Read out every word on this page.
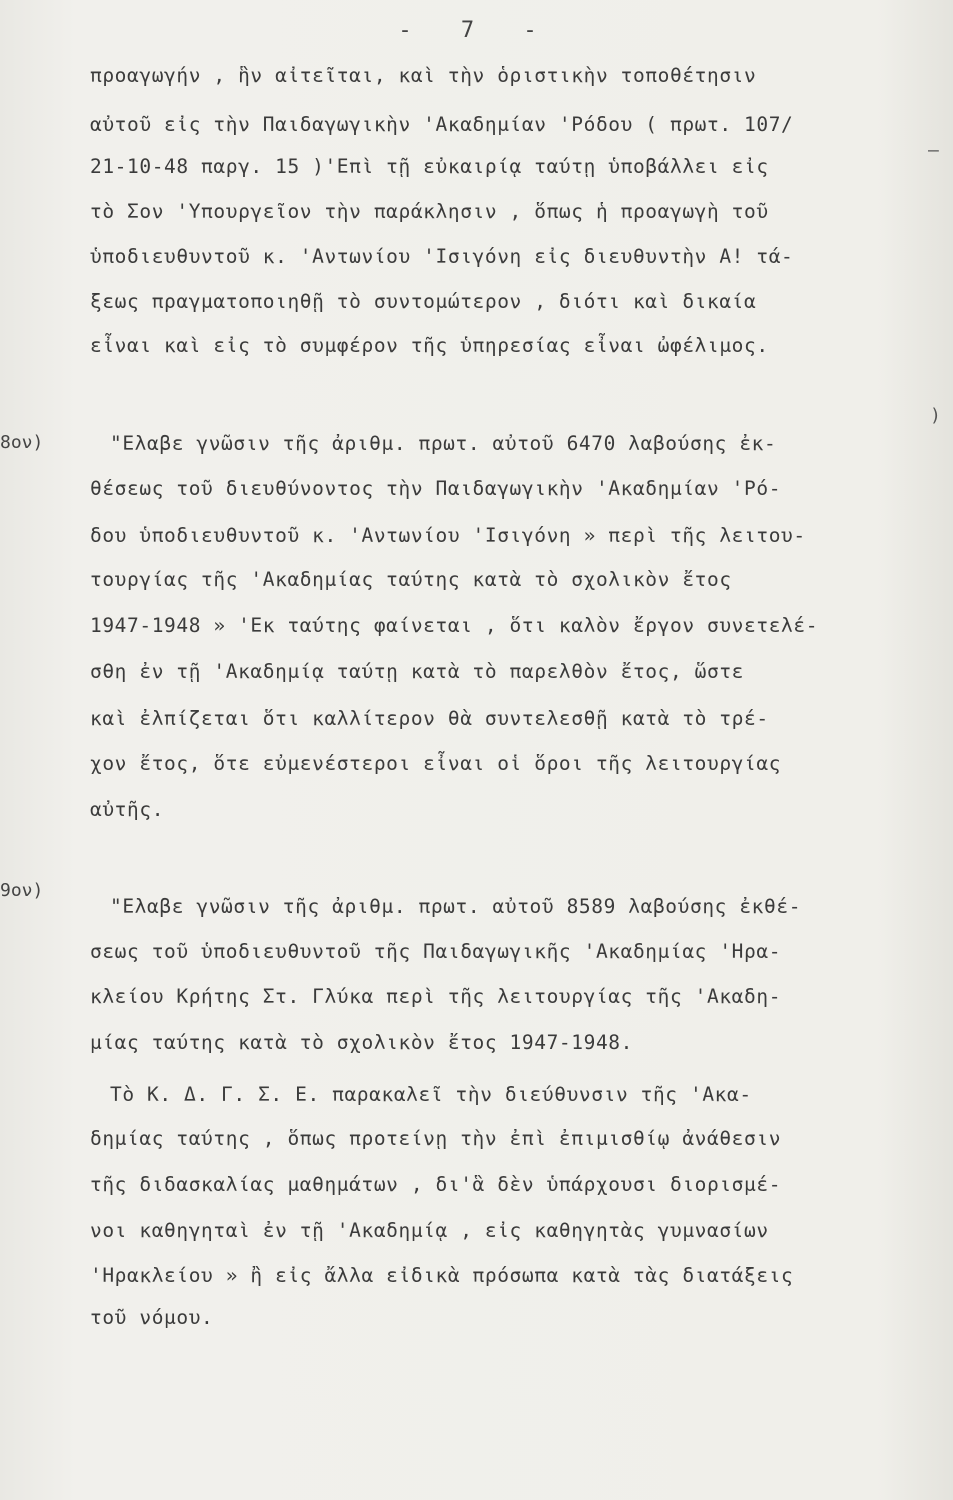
- 7 -
προαγωγήν , ἣν αἰτεῖται, καὶ τὴν ὁριστικὴν τοποθέτησιν
αὐτοῦ εἰς τὴν Παιδαγωγικὴν 'Ακαδημίαν 'Ρόδου ( πρωτ. 107/
21-10-48 παργ. 15 )'Επὶ τῇ εὐκαιρίᾳ ταύτῃ ὑποβάλλει εἰς
τὸ Σον 'Υπουργεῖον τὴν παράκλησιν , ὅπως ἡ προαγωγὴ τοῦ
ὑποδιευθυντοῦ κ. 'Αντωνίου 'Ισιγόνη εἰς διευθυντὴν Α! τά-
ξεως πραγματοποιηθῇ τὸ συντομώτερον , διότι καὶ δικαία
εἶναι καὶ εἰς τὸ συμφέρον τῆς ὑπηρεσίας εἶναι ὠφέλιμος.
8ον)	"Ελαβε γνῶσιν τῆς ἀριθμ. πρωτ. αὐτοῦ 6470 λαβούσης ἐκ-
θέσεως τοῦ διευθύνοντος τὴν Παιδαγωγικὴν 'Ακαδημίαν 'Ρό-
δου ὑποδιευθυντοῦ κ. 'Αντωνίου 'Ισιγόνη » περὶ τῆς λειτου-
τουργίας τῆς 'Ακαδημίας ταύτης κατὰ τὸ σχολικὸν ἔτος
1947-1948 » 'Εκ ταύτης φαίνεται , ὅτι καλὸν ἔργον συνετελέ-
σθη ἐν τῇ 'Ακαδημίᾳ ταύτῃ κατὰ τὸ παρελθὸν ἔτος, ὥστε
καὶ ἐλπίζεται ὅτι καλλίτερον θὰ συντελεσθῇ κατὰ τὸ τρέ-
χον ἔτος, ὅτε εὐμενέστεροι εἶναι οἱ ὅροι τῆς λειτουργίας
αὐτῆς.
9ον)
"Ελαβε γνῶσιν τῆς ἀριθμ. πρωτ. αὐτοῦ 8589 λαβούσης ἐκθέ-
σεως τοῦ ὑποδιευθυντοῦ τῆς Παιδαγωγικῆς 'Ακαδημίας 'Ηρα-
κλείου Κρήτης Στ. Γλύκα περὶ τῆς λειτουργίας τῆς 'Ακαδη-
μίας ταύτης κατὰ τὸ σχολικὸν ἔτος 1947-1948.
Τὸ Κ. Δ. Γ. Σ. Ε. παρακαλεῖ τὴν διεύθυνσιν τῆς 'Ακα-
δημίας ταύτης , ὅπως προτείνῃ τὴν ἐπὶ ἐπιμισθίῳ ἀνάθεσιν
τῆς διδασκαλίας μαθημάτων , δι'ἃ δὲν ὑπάρχουσι διορισμέ-
νοι καθηγηταὶ ἐν τῇ 'Ακαδημίᾳ , εἰς καθηγητὰς γυμνασίων
'Ηρακλείου » ἢ εἰς ἄλλα εἰδικὰ πρόσωπα κατὰ τὰς διατάξεις
τοῦ νόμου.
–
)
